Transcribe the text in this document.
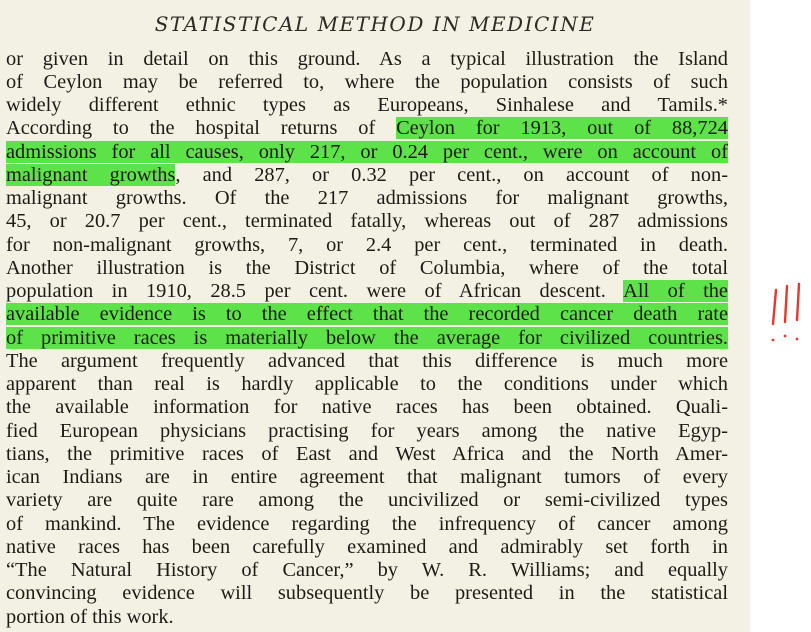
STATISTICAL METHOD IN MEDICINE
or given in detail on this ground. As a typical illustration the Island
of Ceylon may be referred to, where the population consists of such
widely different ethnic types as Europeans, Sinhalese and Tamils.*
According to the hospital returns of Ceylon for 1913, out of 88,724
admissions for all causes, only 217, or 0.24 per cent., were on account of
malignant growths, and 287, or 0.32 per cent., on account of non-
malignant growths. Of the 217 admissions for malignant growths,
45, or 20.7 per cent., terminated fatally, whereas out of 287 admissions
for non-malignant growths, 7, or 2.4 per cent., terminated in death.
Another illustration is the District of Columbia, where of the total
population in 1910, 28.5 per cent. were of African descent. All of the
available evidence is to the effect that the recorded cancer death rate
of primitive races is materially below the average for civilized countries.
The argument frequently advanced that this difference is much more
apparent than real is hardly applicable to the conditions under which
the available information for native races has been obtained. Quali-
fied European physicians practising for years among the native Egyp-
tians, the primitive races of East and West Africa and the North Amer-
ican Indians are in entire agreement that malignant tumors of every
variety are quite rare among the uncivilized or semi-civilized types
of mankind. The evidence regarding the infrequency of cancer among
native races has been carefully examined and admirably set forth in
“The Natural History of Cancer,” by W. R. Williams; and equally
convincing evidence will subsequently be presented in the statistical
portion of this work.
